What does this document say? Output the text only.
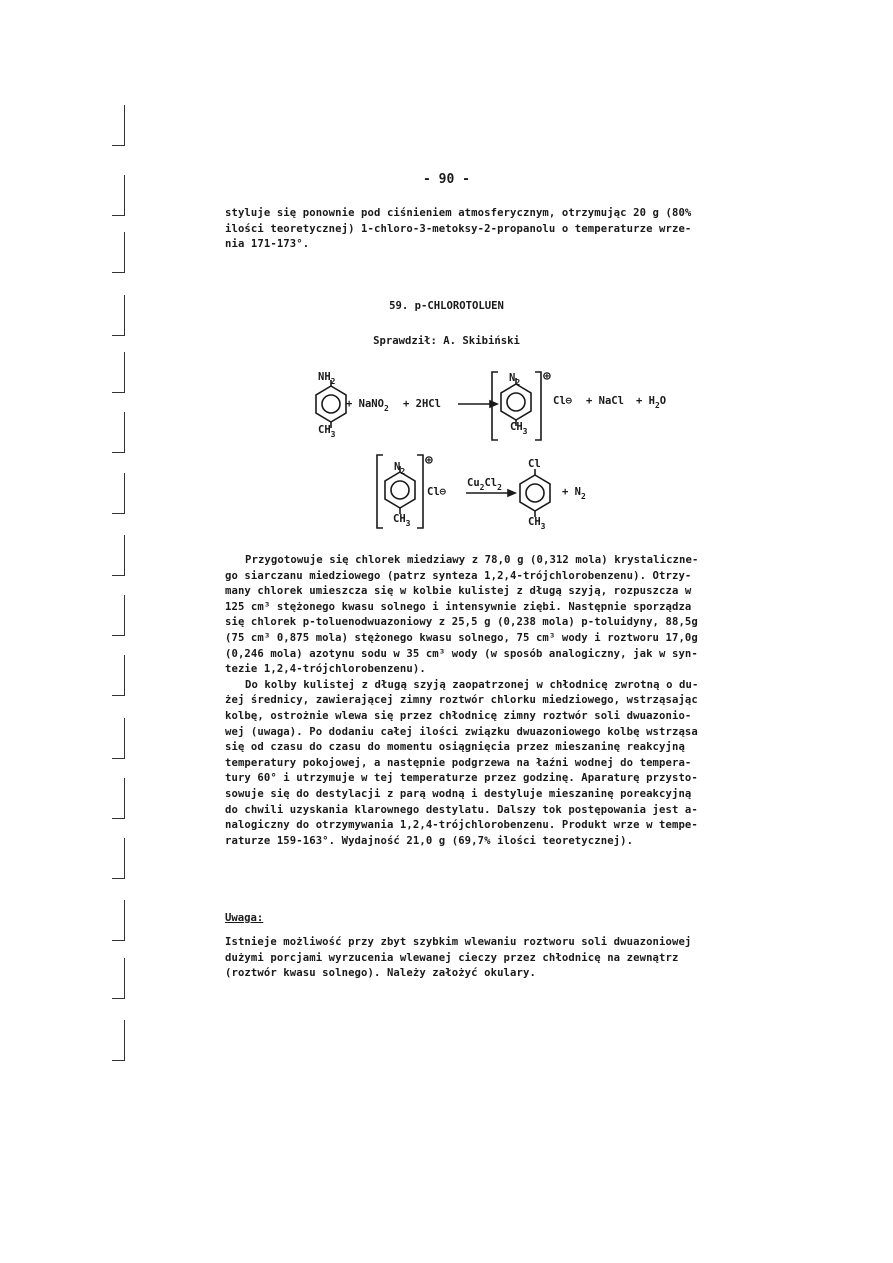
- 90 -

styluje się ponownie pod ciśnieniem atmosferycznym, otrzymując 20 g (80%

ilości teoretycznej) 1-chloro-3-metoksy-2-propanolu o temperaturze wrze-

nia 171-173°.

59. p-CHLOROTOLUEN
Sprawdził: A. Skibiński
$NH_2$
$CH_3$
+ NaNO$_2$ + 2HCl
$N_2$
$CH_3$
⊕
Cl⊖ + NaCl + $H_2O$
$N_2$
$CH_3$
⊕
Cl⊖
$Cu_2Cl_2$
Cl
$CH_3$
+ $N_2$

Przygotowuje się chlorek miedziawy z 78,0 g (0,312 mola) krystaliczne-

go siarczanu miedziowego (patrz synteza 1,2,4-trójchlorobenzenu). Otrzy-

many chlorek umieszcza się w kolbie kulistej z długą szyją, rozpuszcza w

125 cm³ stężonego kwasu solnego i intensywnie ziębi. Następnie sporządza

się chlorek p-toluenodwuazoniowy z 25,5 g (0,238 mola) p-toluidyny, 88,5g

(75 cm³ 0,875 mola) stężonego kwasu solnego, 75 cm³ wody i roztworu 17,0g

(0,246 mola) azotynu sodu w 35 cm³ wody (w sposób analogiczny, jak w syn-

tezie 1,2,4-trójchlorobenzenu).

Do kolby kulistej z długą szyją zaopatrzonej w chłodnicę zwrotną o du-

żej średnicy, zawierającej zimny roztwór chlorku miedziowego, wstrząsając

kolbę, ostrożnie wlewa się przez chłodnicę zimny roztwór soli dwuazonio-

wej (uwaga). Po dodaniu całej ilości związku dwuazoniowego kolbę wstrząsa

się od czasu do czasu do momentu osiągnięcia przez mieszaninę reakcyjną

temperatury pokojowej, a następnie podgrzewa na łaźni wodnej do tempera-

tury 60° i utrzymuje w tej temperaturze przez godzinę. Aparaturę przysto-

sowuje się do destylacji z parą wodną i destyluje mieszaninę poreakcyjną

do chwili uzyskania klarownego destylatu. Dalszy tok postępowania jest a-

nalogiczny do otrzymywania 1,2,4-trójchlorobenzenu. Produkt wrze w tempe-

raturze 159-163°. Wydajność 21,0 g (69,7% ilości teoretycznej).

Uwaga:

Istnieje możliwość przy zbyt szybkim wlewaniu roztworu soli dwuazoniowej

dużymi porcjami wyrzucenia wlewanej cieczy przez chłodnicę na zewnątrz

(roztwór kwasu solnego). Należy założyć okulary.
